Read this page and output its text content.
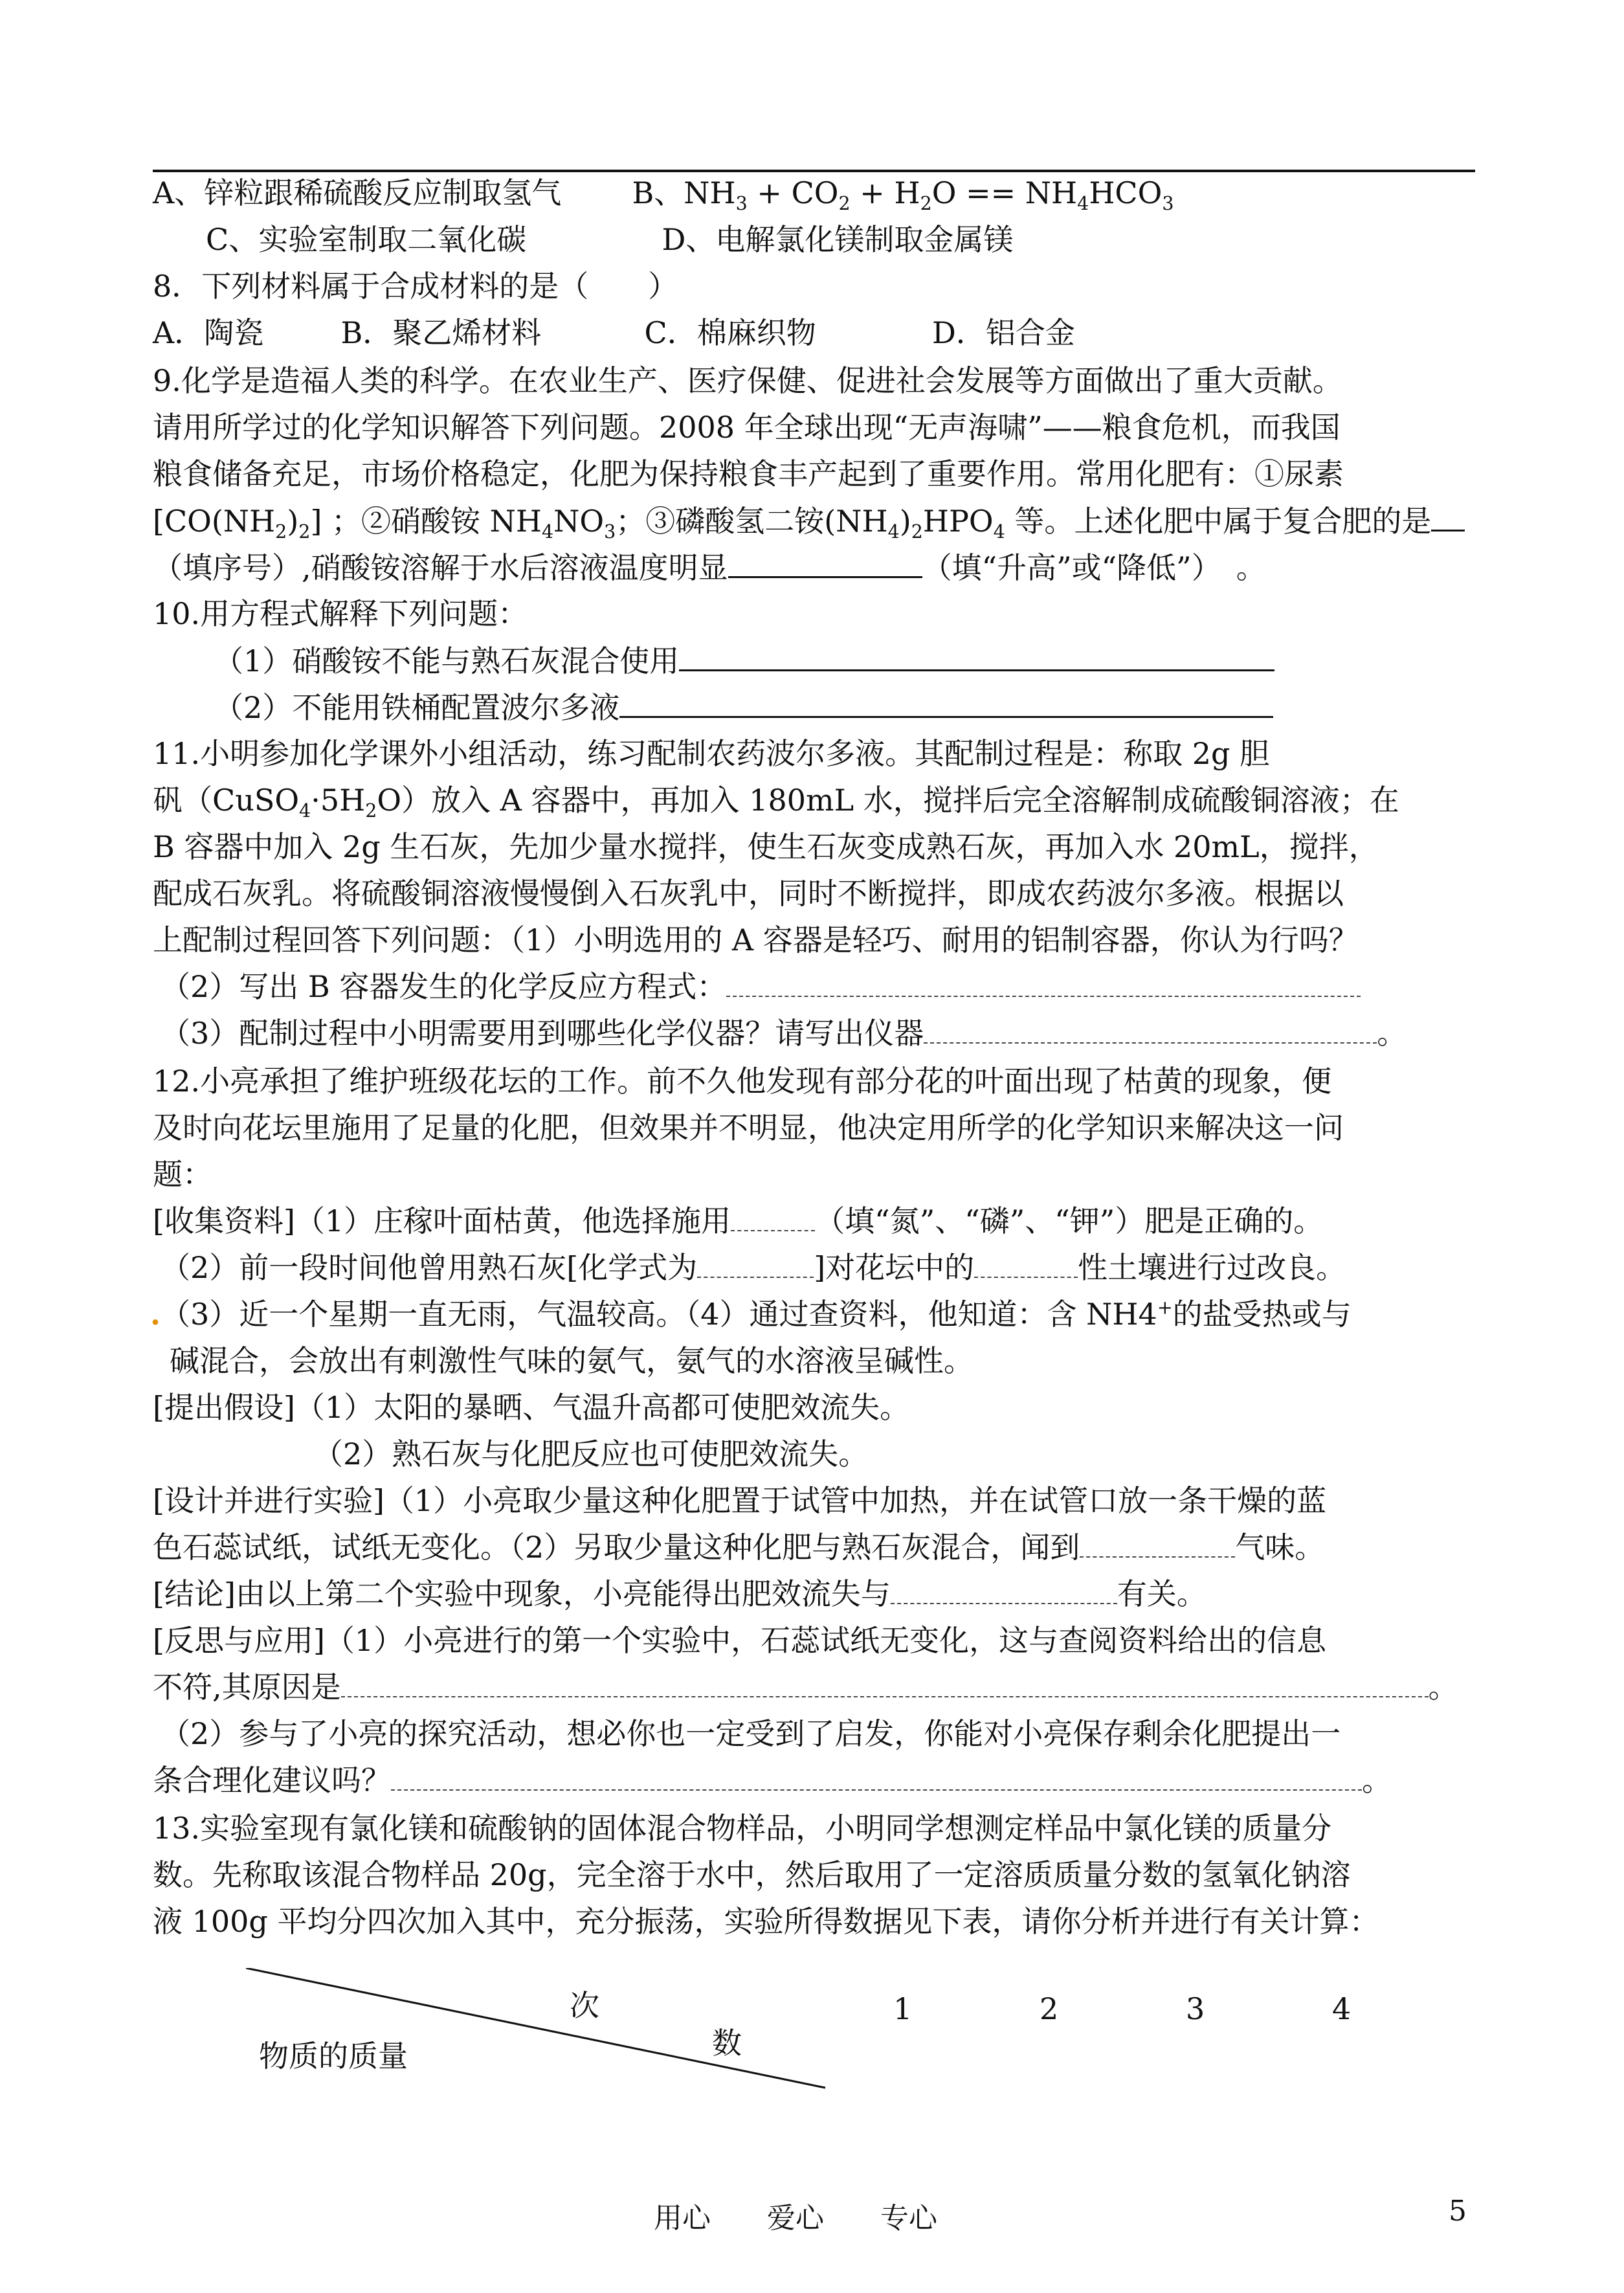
A、锌粒跟稀硫酸反应制取氢气 B、$NH_3 + CO_2 + H_2O == NH_4HCO_3$
C、实验室制取二氧化碳	D、电解氯化镁制取金属镁
8．下列材料属于合成材料的是（　　）
A．陶瓷	B．聚乙烯材料	C．棉麻织物	D．铝合金
9.化学是造福人类的科学。在农业生产、医疗保健、促进社会发展等方面做出了重大贡献。
请用所学过的化学知识解答下列问题。2008 年全球出现“无声海啸”——粮食危机，而我国
粮食储备充足，市场价格稳定，化肥为保持粮食丰产起到了重要作用。常用化肥有：①尿素
$[CO(NH_2)_2]$ ；②硝酸铵 $NH_4NO_3$；③磷酸氢二铵$(NH_4)_2HPO_4$ 等。上述化肥中属于复合肥的是
（填序号）,硝酸铵溶解于水后溶液温度明显	（填“升高”或“降低”）　。
10.用方程式解释下列问题：
（1）硝酸铵不能与熟石灰混合使用
（2）不能用铁桶配置波尔多液
11.小明参加化学课外小组活动，练习配制农药波尔多液。其配制过程是：称取 2g 胆
矾$(CuSO_4\cdot 5H_2O)$放入 A 容器中，再加入 180mL 水，搅拌后完全溶解制成硫酸铜溶液；在
B 容器中加入 2g 生石灰，先加少量水搅拌，使生石灰变成熟石灰，再加入水 20mL，搅拌，
配成石灰乳。将硫酸铜溶液慢慢倒入石灰乳中，同时不断搅拌，即成农药波尔多液。根据以
上配制过程回答下列问题：（1）小明选用的 A 容器是轻巧、耐用的铝制容器，你认为行吗？
（2）写出 B 容器发生的化学反应方程式：
（3）配制过程中小明需要用到哪些化学仪器？请写出仪器	。
12.小亮承担了维护班级花坛的工作。前不久他发现有部分花的叶面出现了枯黄的现象，便
及时向花坛里施用了足量的化肥，但效果并不明显，他决定用所学的化学知识来解决这一问
题：
[收集资料]（1）庄稼叶面枯黄，他选择施用	（填“氮”、“磷”、“钾”）肥是正确的。
（2）前一段时间他曾用熟石灰[化学式为	]对花坛中的	性土壤进行过改良。
.（3）近一个星期一直无雨，气温较高。（4）通过查资料，他知道：含 NH4+的盐受热或与
碱混合，会放出有刺激性气味的氨气，氨气的水溶液呈碱性。
[提出假设]（1）太阳的暴晒、气温升高都可使肥效流失。
（2）熟石灰与化肥反应也可使肥效流失。
[设计并进行实验]（1）小亮取少量这种化肥置于试管中加热，并在试管口放一条干燥的蓝
色石蕊试纸，试纸无变化。（2）另取少量这种化肥与熟石灰混合，闻到	气味。
[结论]由以上第二个实验中现象，小亮能得出肥效流失与	有关。
[反思与应用]（1）小亮进行的第一个实验中，石蕊试纸无变化，这与查阅资料给出的信息
不符,其原因是	。
（2）参与了小亮的探究活动，想必你也一定受到了启发，你能对小亮保存剩余化肥提出一
条合理化建议吗？	。
13.实验室现有氯化镁和硫酸钠的固体混合物样品，小明同学想测定样品中氯化镁的质量分
数。先称取该混合物样品 20g，完全溶于水中，然后取用了一定溶质质量分数的氢氧化钠溶
液 100g 平均分四次加入其中，充分振荡，实验所得数据见下表，请你分析并进行有关计算：
次
数
物质的质量
1	2	3	4
用心 爱心 专心	5
